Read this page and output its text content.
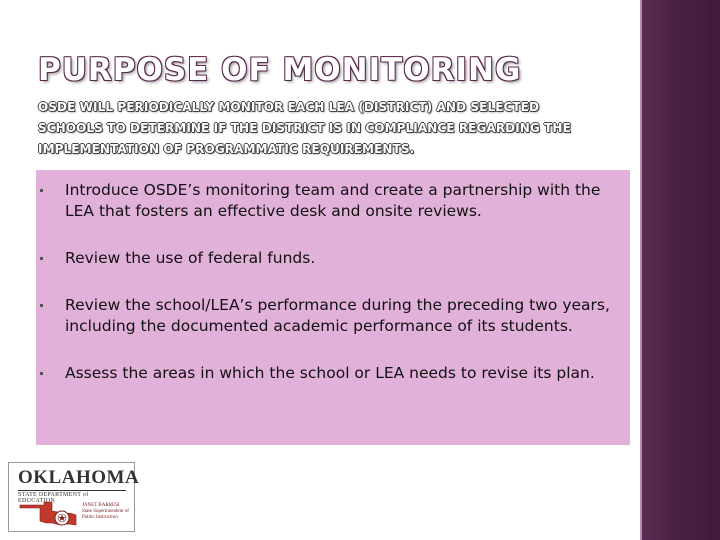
PURPOSE OF MONITORING
OSDE WILL PERIODICALLY MONITOR EACH LEA (DISTRICT) AND SELECTED SCHOOLS TO DETERMINE IF THE DISTRICT IS IN COMPLIANCE REGARDING THE IMPLEMENTATION OF PROGRAMMATIC REQUIREMENTS.
Introduce OSDE’s monitoring team and create a partnership with the LEA that fosters an effective desk and onsite reviews.
Review the use of federal funds.
Review the school/LEA’s performance during the preceding two years, including the documented academic performance of its students.
Assess the areas in which the school or LEA needs to revise its plan.
OKLAHOMA
STATE DEPARTMENT of EDUCATION
JANET BARRESI State Superintendent of Public Instruction
